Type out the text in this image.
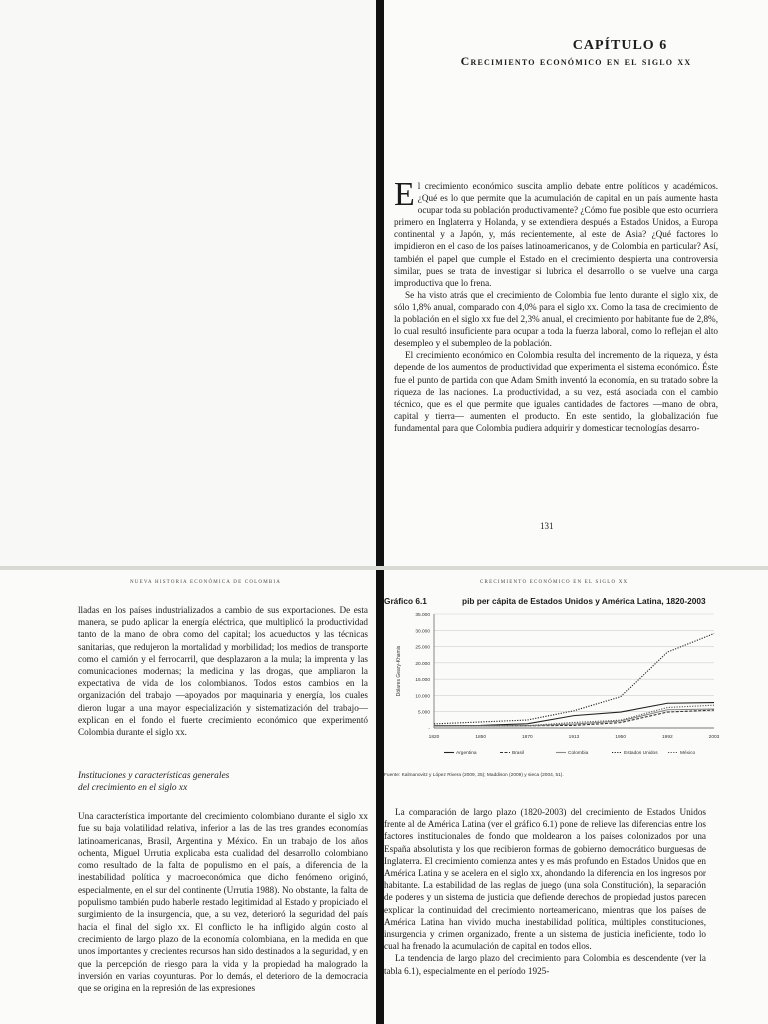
CAPÍTULO 6
Crecimiento económico en el siglo xx

El crecimiento económico suscita amplio debate entre políticos y académicos. ¿Qué es lo que permite que la acumulación de capital en un país aumente hasta ocupar toda su población productivamente? ¿Cómo fue posible que esto ocurriera primero en Inglaterra y Holanda, y se extendiera después a Estados Unidos, a Europa continental y a Japón, y, más recientemente, al este de Asia? ¿Qué factores lo impidieron en el caso de los países latinoamericanos, y de Colombia en particular? Así, también el papel que cumple el Estado en el crecimiento despierta una controversia similar, pues se trata de investigar si lubrica el desarrollo o se vuelve una carga improductiva que lo frena.

Se ha visto atrás que el crecimiento de Colombia fue lento durante el siglo xix, de sólo 1,8% anual, comparado con 4,0% para el siglo xx. Como la tasa de crecimiento de la población en el siglo xx fue del 2,3% anual, el crecimiento por habitante fue de 2,8%, lo cual resultó insuficiente para ocupar a toda la fuerza laboral, como lo reflejan el alto desempleo y el subempleo de la población.

El crecimiento económico en Colombia resulta del incremento de la riqueza, y ésta depende de los aumentos de productividad que experimenta el sistema económico. Éste fue el punto de partida con que Adam Smith inventó la economía, en su tratado sobre la riqueza de las naciones. La productividad, a su vez, está asociada con el cambio técnico, que es el que permite que iguales cantidades de factores —mano de obra, capital y tierra— aumenten el producto. En este sentido, la globalización fue fundamental para que Colombia pudiera adquirir y domesticar tecnologías desarro-

131
NUEVA HISTORIA ECONÓMICA DE COLOMBIA

lladas en los países industrializados a cambio de sus exportaciones. De esta manera, se pudo aplicar la energía eléctrica, que multiplicó la productividad tanto de la mano de obra como del capital; los acueductos y las técnicas sanitarias, que redujeron la mortalidad y morbilidad; los medios de transporte como el camión y el ferrocarril, que desplazaron a la mula; la imprenta y las comunicaciones modernas; la medicina y las drogas, que ampliaron la expectativa de vida de los colombianos. Todos estos cambios en la organización del trabajo —apoyados por maquinaria y energía, los cuales dieron lugar a una mayor especialización y sistematización del trabajo— explican en el fondo el fuerte crecimiento económico que experimentó Colombia durante el siglo xx.

Instituciones y características generales
del crecimiento en el siglo xx

Una característica importante del crecimiento colombiano durante el siglo xx fue su baja volatilidad relativa, inferior a las de las tres grandes economías latinoamericanas, Brasil, Argentina y México. En un trabajo de los años ochenta, Miguel Urrutia explicaba esta cualidad del desarrollo colombiano como resultado de la falta de populismo en el país, a diferencia de la inestabilidad política y macroeconómica que dicho fenómeno originó, especialmente, en el sur del continente (Urrutia 1988). No obstante, la falta de populismo también pudo haberle restado legitimidad al Estado y propiciado el surgimiento de la insurgencia, que, a su vez, deterioró la seguridad del país hacia el final del siglo xx. El conflicto le ha infligido algún costo al crecimiento de largo plazo de la economía colombiana, en la medida en que unos importantes y crecientes recursos han sido destinados a la seguridad, y en que la percepción de riesgo para la vida y la propiedad ha malogrado la inversión en varias coyunturas. Por lo demás, el deterioro de la democracia que se origina en la represión de las expresiones

CRECIMIENTO ECONÓMICO EN EL SIGLO XX
Gráfico 6.1	pib per cápita de Estados Unidos y América Latina, 1820-2003
-
5.000
10.000
15.000
20.000
25.000
30.000
35.000
1820	1850	1870	1913	1950	1992	2003
Dólares Geary-Khamis
Argentina	Brasil	Colombia	Estados Unidos	México
Fuente: Kalmanovitz y López Rivera (2009, 25); Maddison (2009) y sieca (2004, 51).

La comparación de largo plazo (1820-2003) del crecimiento de Estados Unidos frente al de América Latina (ver el gráfico 6.1) pone de relieve las diferencias entre los factores institucionales de fondo que moldearon a los países colonizados por una España absolutista y los que recibieron formas de gobierno democrático burguesas de Inglaterra. El crecimiento comienza antes y es más profundo en Estados Unidos que en América Latina y se acelera en el siglo xx, ahondando la diferencia en los ingresos por habitante. La estabilidad de las reglas de juego (una sola Constitución), la separación de poderes y un sistema de justicia que defiende derechos de propiedad justos parecen explicar la continuidad del crecimiento norteamericano, mientras que los países de América Latina han vivido mucha inestabilidad política, múltiples constituciones, insurgencia y crimen organizado, frente a un sistema de justicia ineficiente, todo lo cual ha frenado la acumulación de capital en todos ellos.

La tendencia de largo plazo del crecimiento para Colombia es descendente (ver la tabla 6.1), especialmente en el período 1925-
